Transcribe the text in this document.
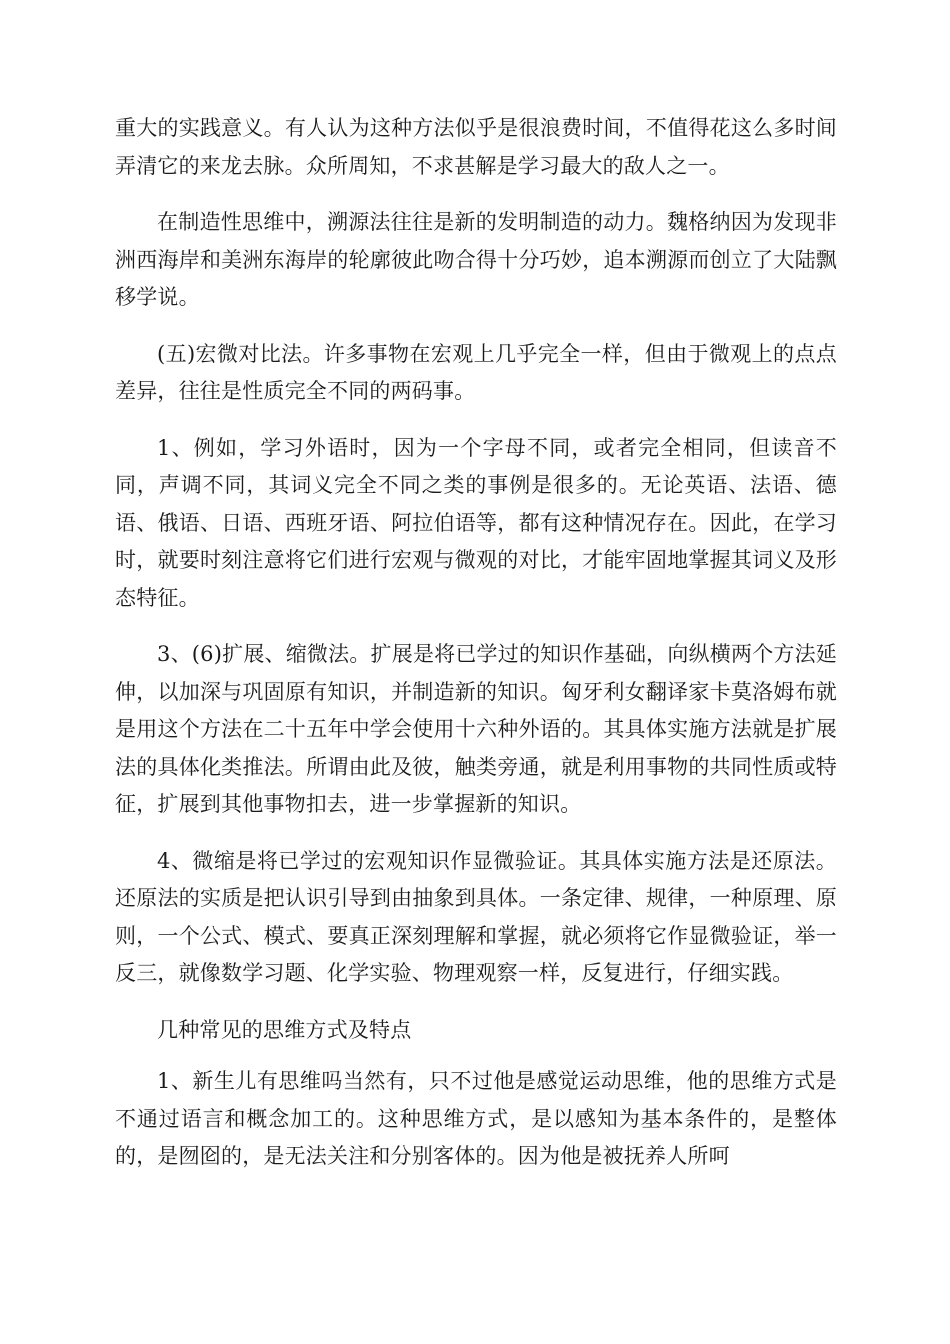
重大的实践意义。有人认为这种方法似乎是很浪费时间，不值得花这么多时间弄清它的来龙去脉。众所周知，不求甚解是学习最大的敌人之一。

在制造性思维中，溯源法往往是新的发明制造的动力。魏格纳因为发现非洲西海岸和美洲东海岸的轮廓彼此吻合得十分巧妙，追本溯源而创立了大陆飘移学说。

(五)宏微对比法。许多事物在宏观上几乎完全一样，但由于微观上的点点差异，往往是性质完全不同的两码事。

1、例如，学习外语时，因为一个字母不同，或者完全相同，但读音不同，声调不同，其词义完全不同之类的事例是很多的。无论英语、法语、德语、俄语、日语、西班牙语、阿拉伯语等，都有这种情况存在。因此，在学习时，就要时刻注意将它们进行宏观与微观的对比，才能牢固地掌握其词义及形态特征。

3、(6)扩展、缩微法。扩展是将已学过的知识作基础，向纵横两个方法延伸，以加深与巩固原有知识，并制造新的知识。匈牙利女翻译家卡莫洛姆布就是用这个方法在二十五年中学会使用十六种外语的。其具体实施方法就是扩展法的具体化类推法。所谓由此及彼，触类旁通，就是利用事物的共同性质或特征，扩展到其他事物扣去，进一步掌握新的知识。

4、微缩是将已学过的宏观知识作显微验证。其具体实施方法是还原法。还原法的实质是把认识引导到由抽象到具体。一条定律、规律，一种原理、原则，一个公式、模式、要真正深刻理解和掌握，就必须将它作显微验证，举一反三，就像数学习题、化学实验、物理观察一样，反复进行，仔细实践。

几种常见的思维方式及特点

1、新生儿有思维吗当然有，只不过他是感觉运动思维，他的思维方式是不通过语言和概念加工的。这种思维方式，是以感知为基本条件的，是整体的，是囫囵的，是无法关注和分别客体的。因为他是被抚养人所呵
